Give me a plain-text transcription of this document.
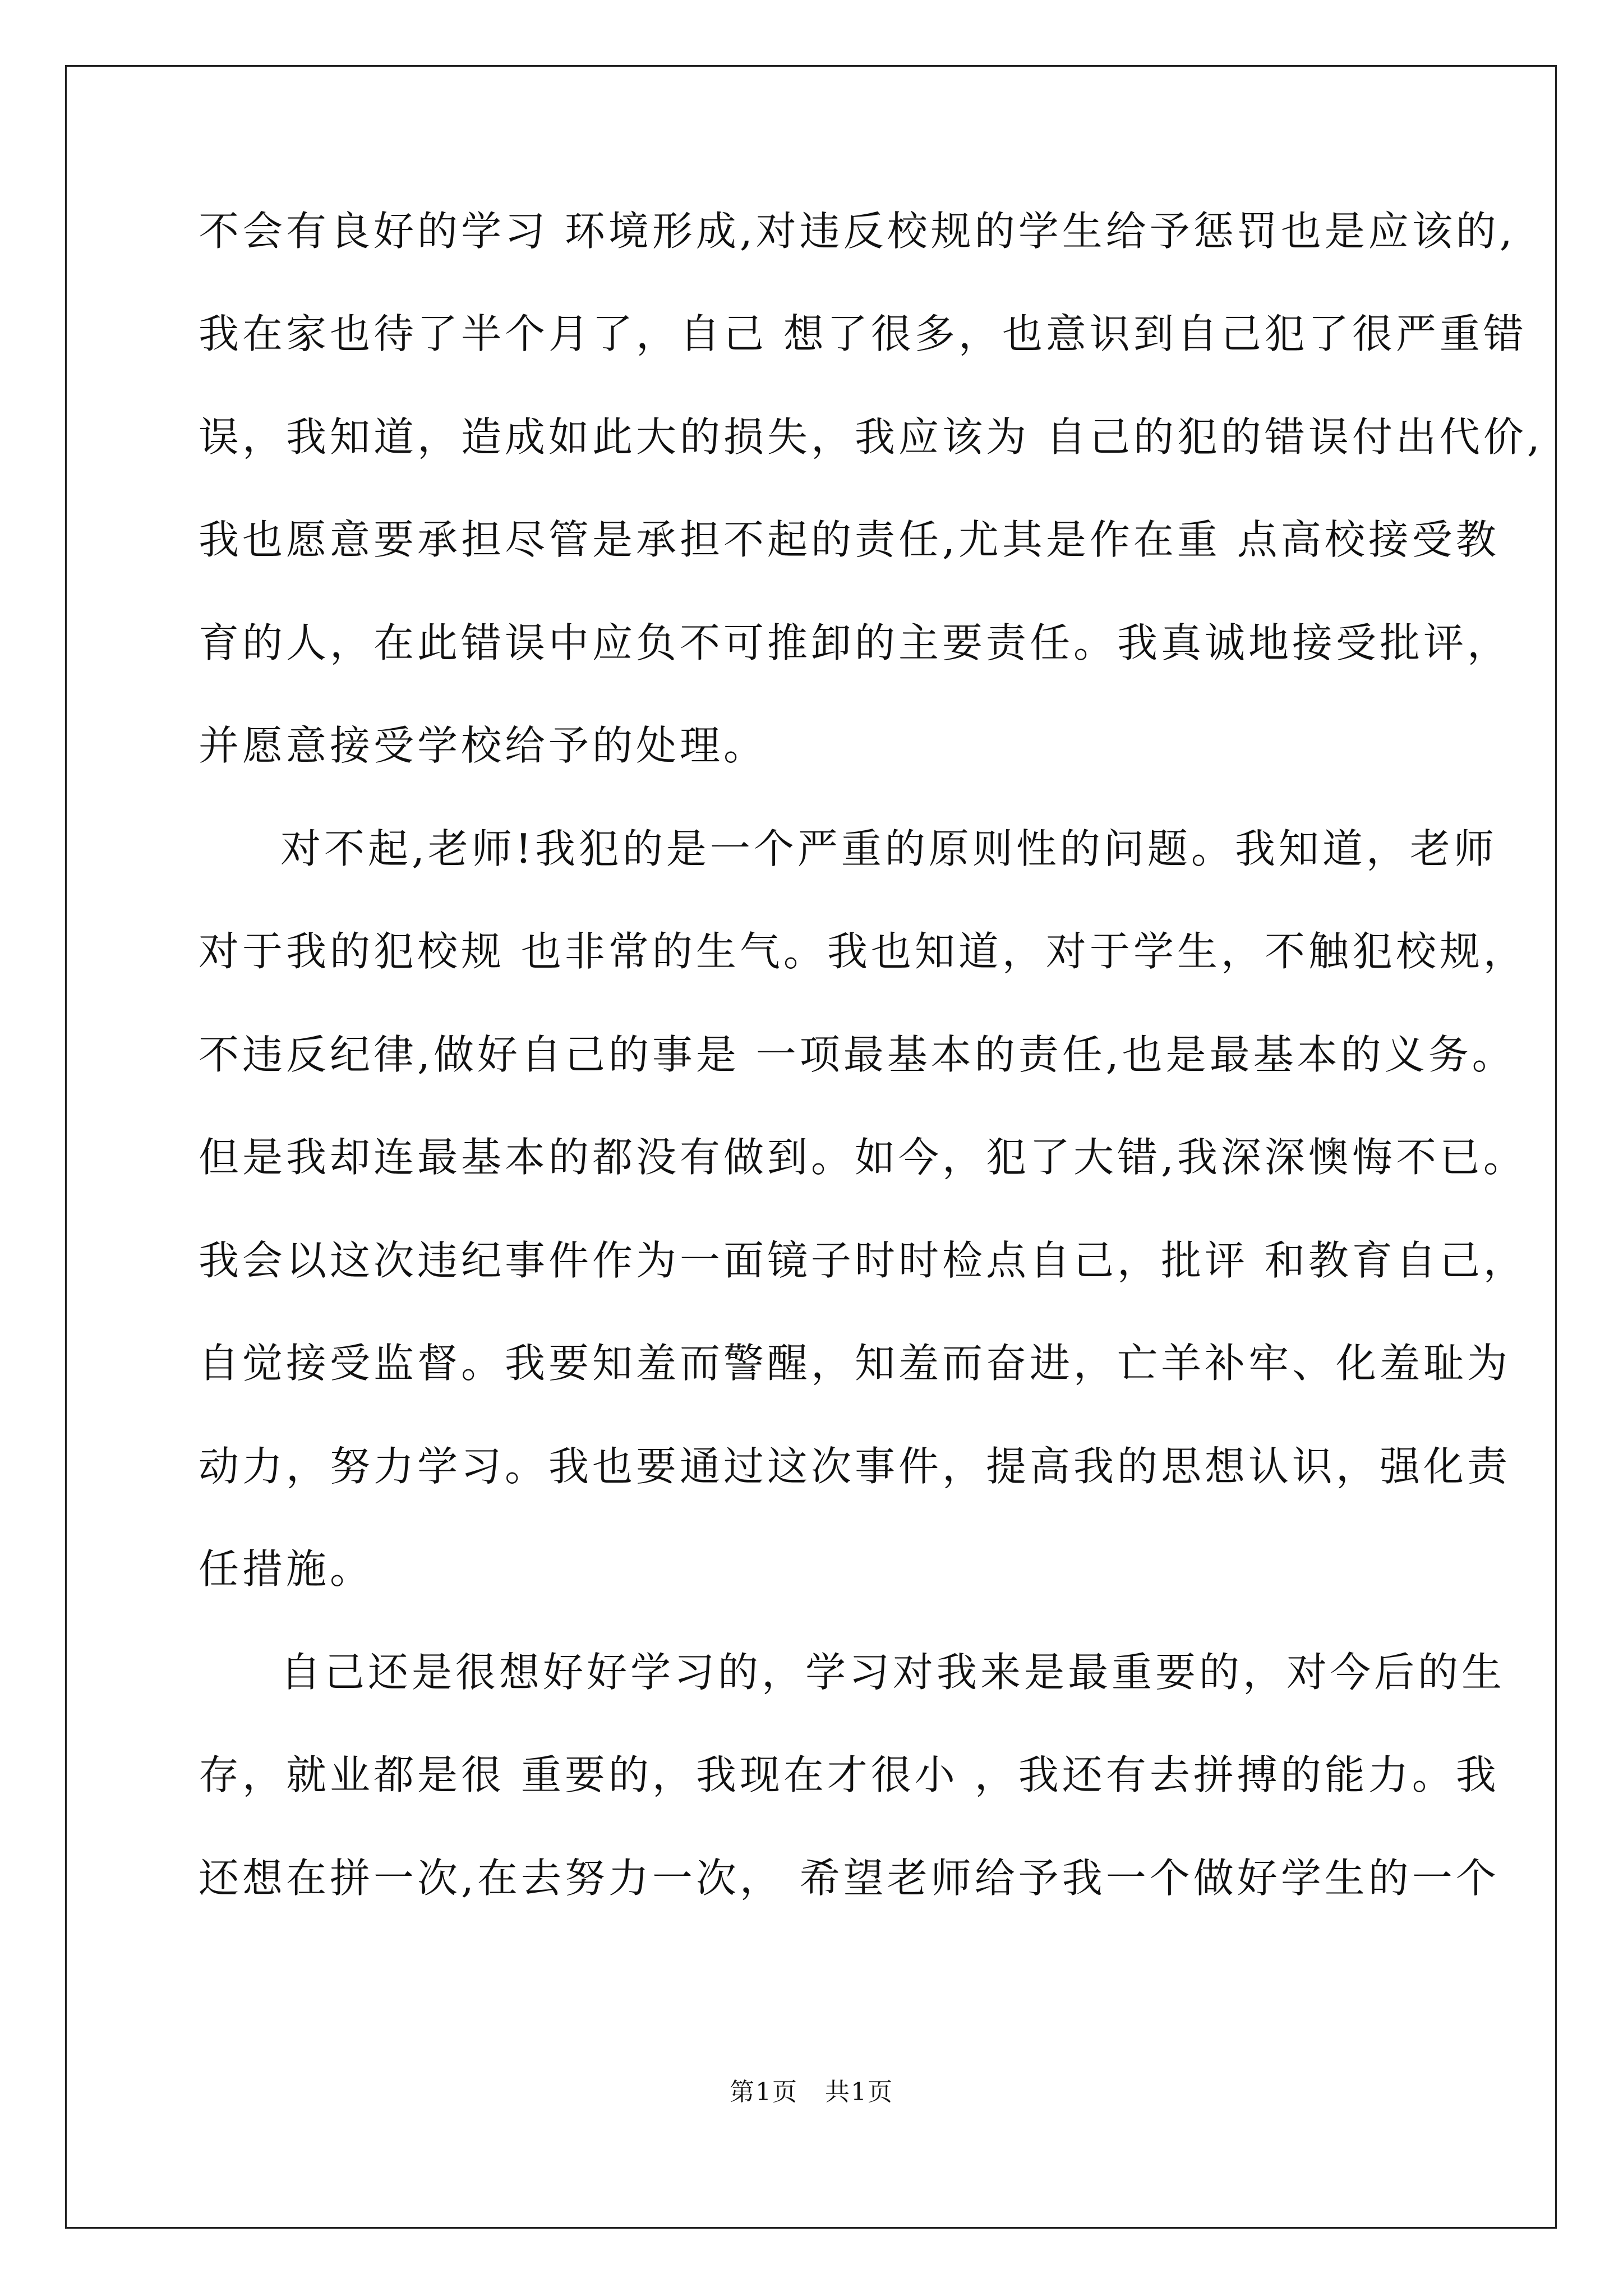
不会有良好的学习 环境形成,对违反校规的学生给予惩罚也是应该的,
我在家也待了半个月了，自己 想了很多，也意识到自己犯了很严重错
误，我知道，造成如此大的损失，我应该为 自己的犯的错误付出代价,
我也愿意要承担尽管是承担不起的责任,尤其是作在重 点高校接受教
育的人，在此错误中应负不可推卸的主要责任。我真诚地接受批评，
并愿意接受学校给予的处理。
对不起,老师!我犯的是一个严重的原则性的问题。我知道，老师
对于我的犯校规 也非常的生气。我也知道，对于学生，不触犯校规，
不违反纪律,做好自己的事是 一项最基本的责任,也是最基本的义务。
但是我却连最基本的都没有做到。如今，犯了大错,我深深懊悔不已。
我会以这次违纪事件作为一面镜子时时检点自己，批评 和教育自己，
自觉接受监督。我要知羞而警醒，知羞而奋进，亡羊补牢、化羞耻为
动力，努力学习。我也要通过这次事件，提高我的思想认识，强化责
任措施。
自己还是很想好好学习的，学习对我来是最重要的，对今后的生
存，就业都是很 重要的，我现在才很小 ，我还有去拼搏的能力。我
还想在拼一次,在去努力一次， 希望老师给予我一个做好学生的一个
第1页   共1页
